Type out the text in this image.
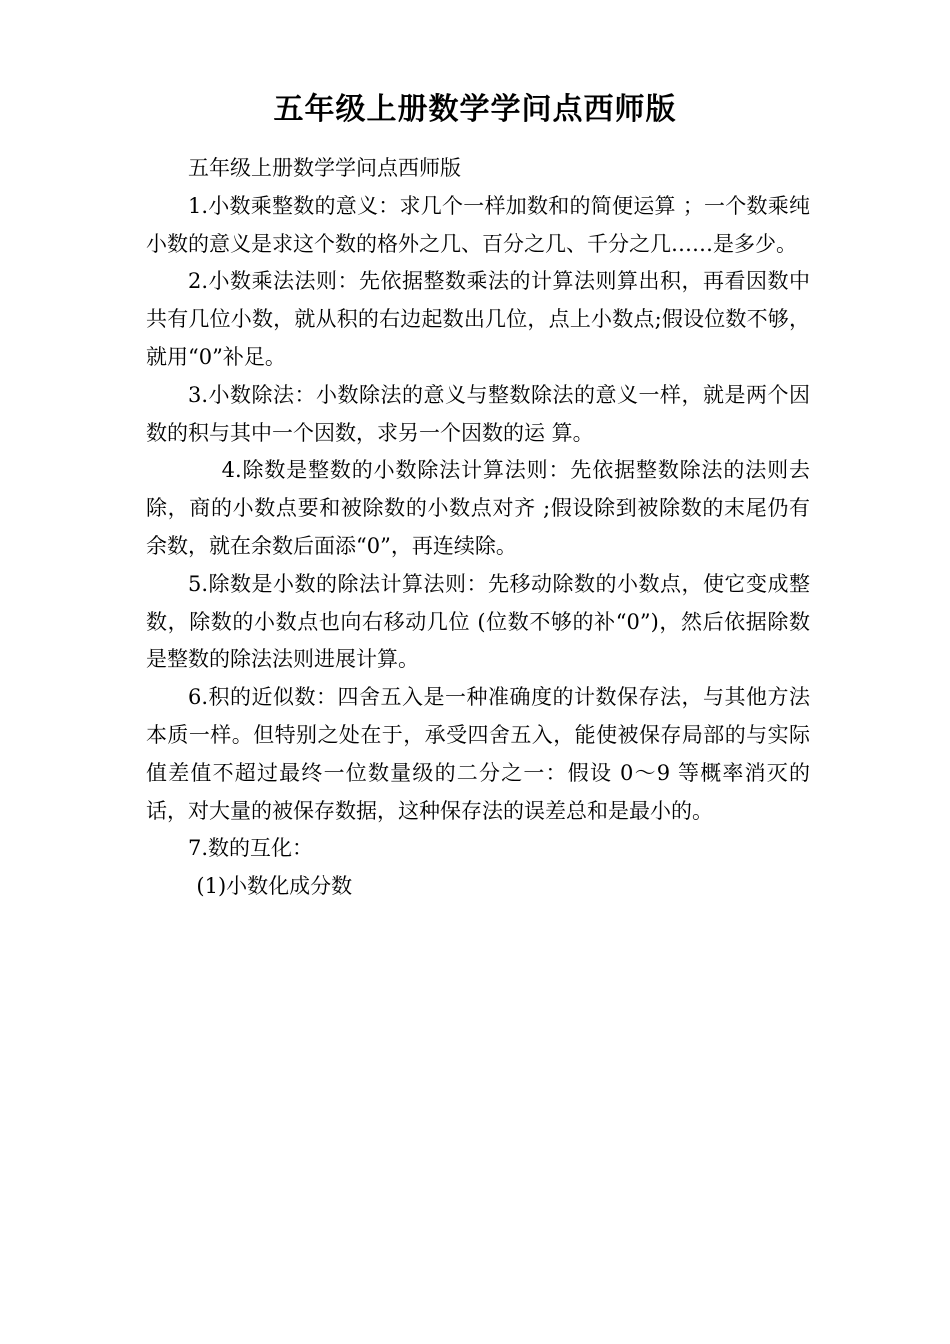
五年级上册数学学问点西师版

五年级上册数学学问点西师版

1.小数乘整数的意义：求几个一样加数和的简便运算 ；一个数乘纯小数的意义是求这个数的格外之几、百分之几、千分之几……是多少。

2.小数乘法法则：先依据整数乘法的计算法则算出积，再看因数中共有几位小数，就从积的右边起数出几位，点上小数点;假设位数不够，就用“0”补足。

3.小数除法：小数除法的意义与整数除法的意义一样，就是两个因数的积与其中一个因数，求另一个因数的运 算。

4.除数是整数的小数除法计算法则：先依据整数除法的法则去除，商的小数点要和被除数的小数点对齐 ;假设除到被除数的末尾仍有余数，就在余数后面添“0”，再连续除。

5.除数是小数的除法计算法则：先移动除数的小数点，使它变成整数，除数的小数点也向右移动几位 (位数不够的补“0”)，然后依据除数是整数的除法法则进展计算。

6.积的近似数：四舍五入是一种准确度的计数保存法，与其他方法本质一样。但特别之处在于，承受四舍五入，能使被保存局部的与实际值差值不超过最终一位数量级的二分之一：假设 0～9 等概率消灭的话，对大量的被保存数据，这种保存法的误差总和是最小的。

7.数的互化：

(1)小数化成分数
